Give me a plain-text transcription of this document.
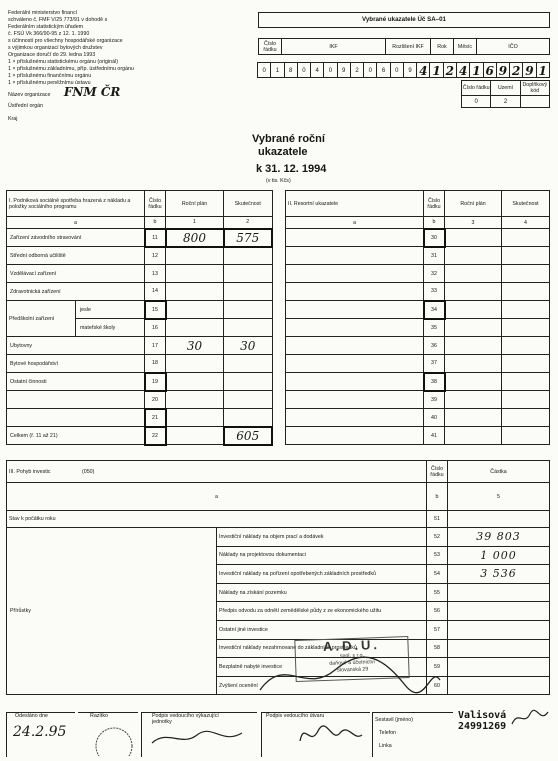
Federální ministerstvo financí
schváleno č. FMF V/25 773/91 v dohodě s
Federálním statistickým úřadem
č. FSÚ Vk 366/90-95 z 12. 1. 1990
s účinností pro všechny hospodářské organizace
s výjimkou organizací bytových družstev
Organizace doručí do 29. ledna 1993
1 × příslušnému statistickému orgánu (originál)
1 × příslušnému základnímu, příp. ústřednímu orgánu
1 × příslušnému finančnímu orgánu
1 × příslušnému peněžnímu ústavu
Název organizace FNM ČR
Ústřední orgán
Kraj
Vybrané ukazatele Úč SA–01
Číslo řádku	IKF	Rozlišení IKF	Rok	Měsíc	IČO
0	1	8	0	4	0	9	2	0	6	0	9 4 1 2 4 1 6 9 2 9 1
Číslo řádku	Uzemí	Doplňkový kód
0	2	
Vybrané roční
ukazatele
k 31. 12. 1994
(v tis. Kčs)
I. Podniková sociálně spotřeba hrazená z nákladu a položky sociálního programu		Číslo řádku	Roční plán	Skutečnost
a		b	1	2
Zařízení závodního stravování		11	800	575
Střední odborná učiliště		12		
Vzdělávací zařízení		13		
Zdravotnická zařízení		14		
Předškolní zařízení	jesle	15		
	mateřské školy	16		
Ubytovny		17	30	30
Bytové hospodářství		18		
Ostatní činnosti		19		
		20		
		21		
Celkem (ř. 11 až 21)		22		605
II. Resortní ukazatele	Číslo řádku	Roční plán	Skutečnost
a	b	3	4
	30		
	31		
	32		
	33		
	34		
	35		
	36		
	37		
	38		
	39		
	40		
	41		
III. Pohyb investic (050)		Číslo řádku	Částka
a		b	5
Stav k počátku roku		51	
Přírůstky	Investiční náklady na objem prací a dodávek	52	39 803
	Náklady na projektovou dokumentaci	53	1 000
	Investiční náklady na pořízení opotřebených základních prostředků	54	3 536
	Náklady na získání pozemku	55	
	Předpis odvodu za odnětí zemědělské půdy z ze ekonomického užitu	56	
	Ostatní jiné investice	57	
	Investiční náklady nezahrnované do základních prostředků	58	
	Bezplatně nabyté investice	59	
	Zvýšení ocenění	60	
A.D.U.
spol. s r.o.
daňové a účetnictví
Slovanská 29
Odesláno dne
24.2.95
Razítko	Podpis vedoucího výkazující jednotky
Podpis vedoucího útvaru
Sestavil (jméno)
Telefon
Linka
Valisová
24991269
